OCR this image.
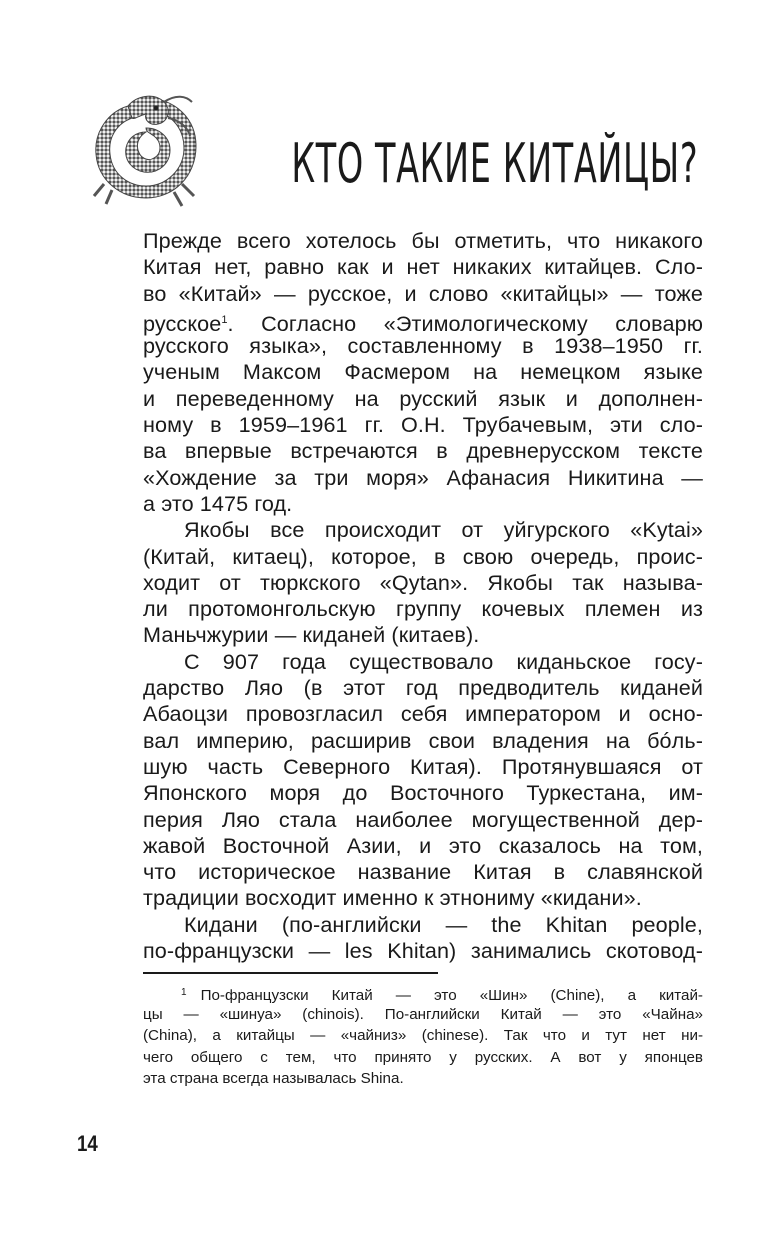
КТО ТАКИЕ КИТАЙЦЫ?

Прежде всего хотелось бы отметить, что никакого
Китая нет, равно как и нет никаких китайцев. Сло-
во «Китай» — русское, и слово «китайцы» — тоже
русское$^1$. Согласно «Этимологическому словарю
русского языка», составленному в 1938–1950 гг.
ученым Максом Фасмером на немецком языке
и переведенному на русский язык и дополнен-
ному в 1959–1961 гг. О.Н. Трубачевым, эти сло-
ва впервые встречаются в древнерусском тексте
«Хождение за три моря» Афанасия Никитина —
а это 1475 год.

Якобы все происходит от уйгурского «Kytai»
(Китай, китаец), которое, в свою очередь, проис-
ходит от тюркского «Qytan». Якобы так называ-
ли протомонгольскую группу кочевых племен из
Маньчжурии — киданей (китаев).

С 907 года существовало киданьское госу-
дарство Ляо (в этот год предводитель киданей
Абаоцзи провозгласил себя императором и осно-
вал империю, расширив свои владения на бóль-
шую часть Северного Китая). Протянувшаяся от
Японского моря до Восточного Туркестана, им-
перия Ляо стала наиболее могущественной дер-
жавой Восточной Азии, и это сказалось на том,
что историческое название Китая в славянской
традиции восходит именно к этнониму «кидани».

Кидани (по-английски — the Khitan people,
по-французски — les Khitan) занимались скотовод-

$^1$ По-французски Китай — это «Шин» (Chine), а китай-
цы — «шинуа» (chinois). По-английски Китай — это «Чайна»
(China), а китайцы — «чайниз» (chinese). Так что и тут нет ни-
чего общего с тем, что принято у русских. А вот у японцев
эта страна всегда называлась Shina.
14
